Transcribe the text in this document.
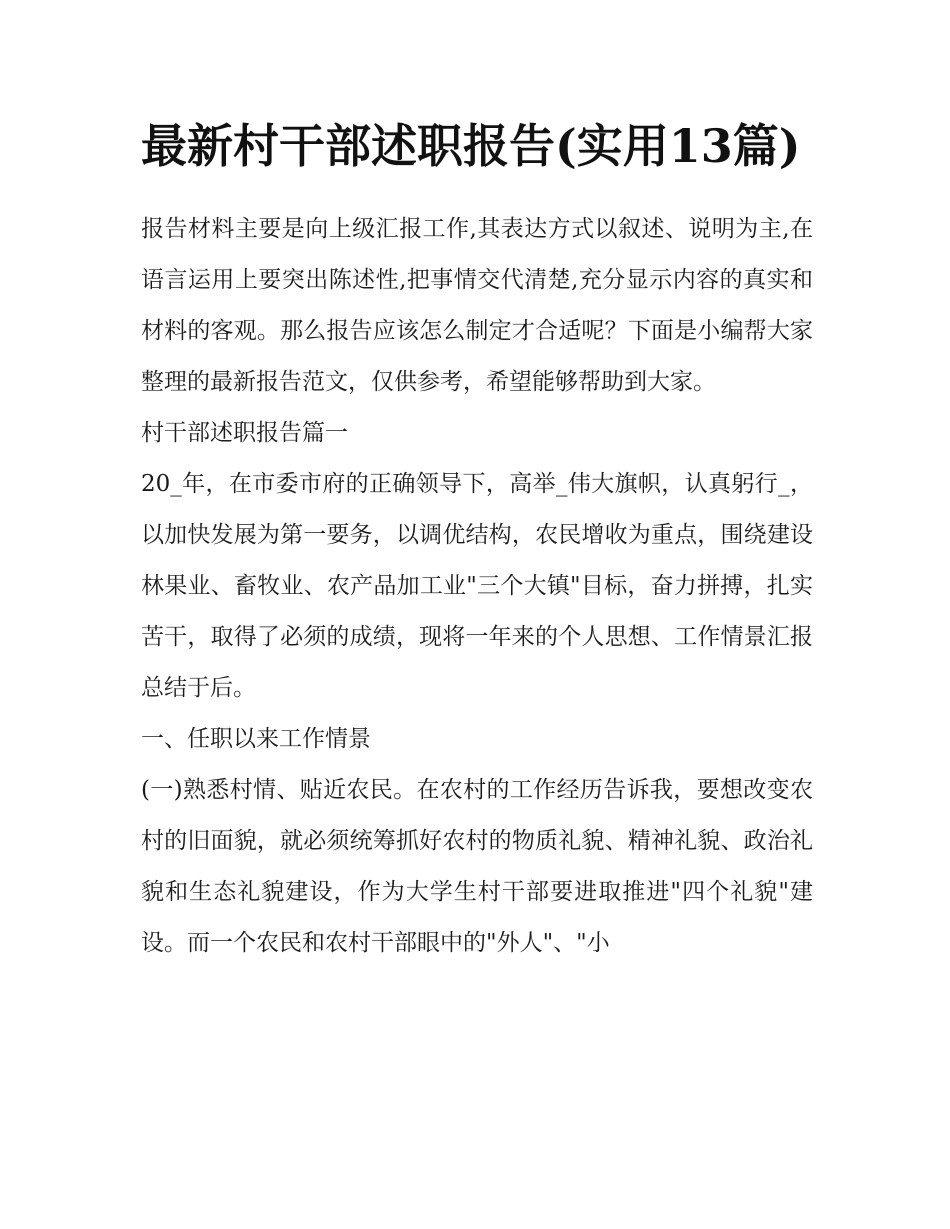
最新村干部述职报告(实用13篇)

报告材料主要是向上级汇报工作,其表达方式以叙述、说明为主,在语言运用上要突出陈述性,把事情交代清楚,充分显示内容的真实和材料的客观。那么报告应该怎么制定才合适呢？下面是小编帮大家整理的最新报告范文，仅供参考，希望能够帮助到大家。

村干部述职报告篇一

20_年，在市委市府的正确领导下，高举_伟大旗帜，认真躬行_，以加快发展为第一要务，以调优结构，农民增收为重点，围绕建设林果业、畜牧业、农产品加工业"三个大镇"目标，奋力拼搏，扎实苦干，取得了必须的成绩，现将一年来的个人思想、工作情景汇报总结于后。

一、任职以来工作情景

(一)熟悉村情、贴近农民。在农村的工作经历告诉我，要想改变农村的旧面貌，就必须统筹抓好农村的物质礼貌、精神礼貌、政治礼貌和生态礼貌建设，作为大学生村干部要进取推进"四个礼貌"建设。而一个农民和农村干部眼中的"外人"、"小
